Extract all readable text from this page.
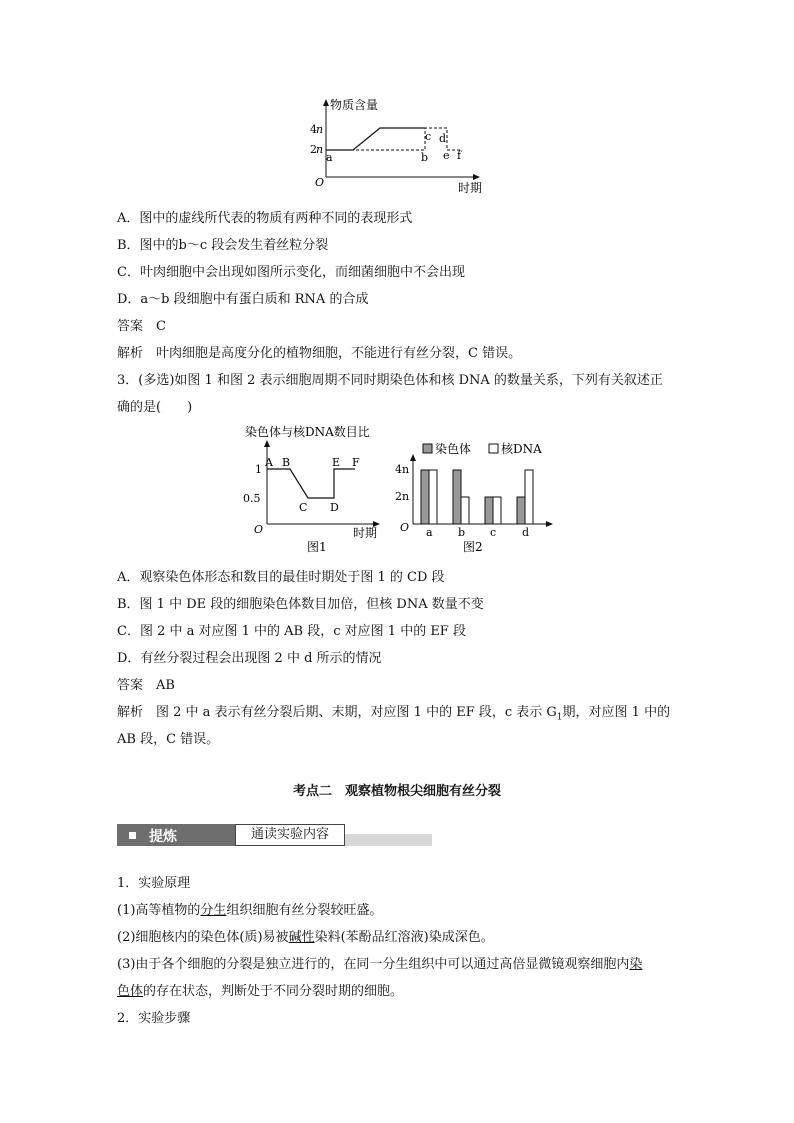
物质含量
时期
O
4 n
2 n
a	b
c d
e f
A．图中的虚线所代表的物质有两种不同的表现形式
B．图中的b～c 段会发生着丝粒分裂
C．叶肉细胞中会出现如图所示变化，而细菌细胞中不会出现
D．a～b 段细胞中有蛋白质和 RNA 的合成
答案　C
解析　叶肉细胞是高度分化的植物细胞，不能进行有丝分裂，C 错误。
3．(多选)如图 1 和图 2 表示细胞周期不同时期染色体和核 DNA 的数量关系，下列有关叙述正
确的是(　　)
染色体与核DNA数目比
O
1
0.5
A B
C D
E F
时期
图1
染色体 核DNA
O
4n
2n
a b c d
图2
A．观察染色体形态和数目的最佳时期处于图 1 的 CD 段
B．图 1 中 DE 段的细胞染色体数目加倍，但核 DNA 数量不变
C．图 2 中 a 对应图 1 中的 AB 段，c 对应图 1 中的 EF 段
D．有丝分裂过程会出现图 2 中 d 所示的情况
答案　AB
解析　图 2 中 a 表示有丝分裂后期、末期，对应图 1 中的 EF 段，c 表示 $G_1$期，对应图 1 中的
AB 段，C 错误。
考点二　观察植物根尖细胞有丝分裂
提炼	通读实验内容
1．实验原理
(1)高等植物的分生组织细胞有丝分裂较旺盛。
(2)细胞核内的染色体(质)易被碱性染料(苯酚品红溶液)染成深色。
(3)由于各个细胞的分裂是独立进行的，在同一分生组织中可以通过高倍显微镜观察细胞内染
色体的存在状态，判断处于不同分裂时期的细胞。
2．实验步骤
